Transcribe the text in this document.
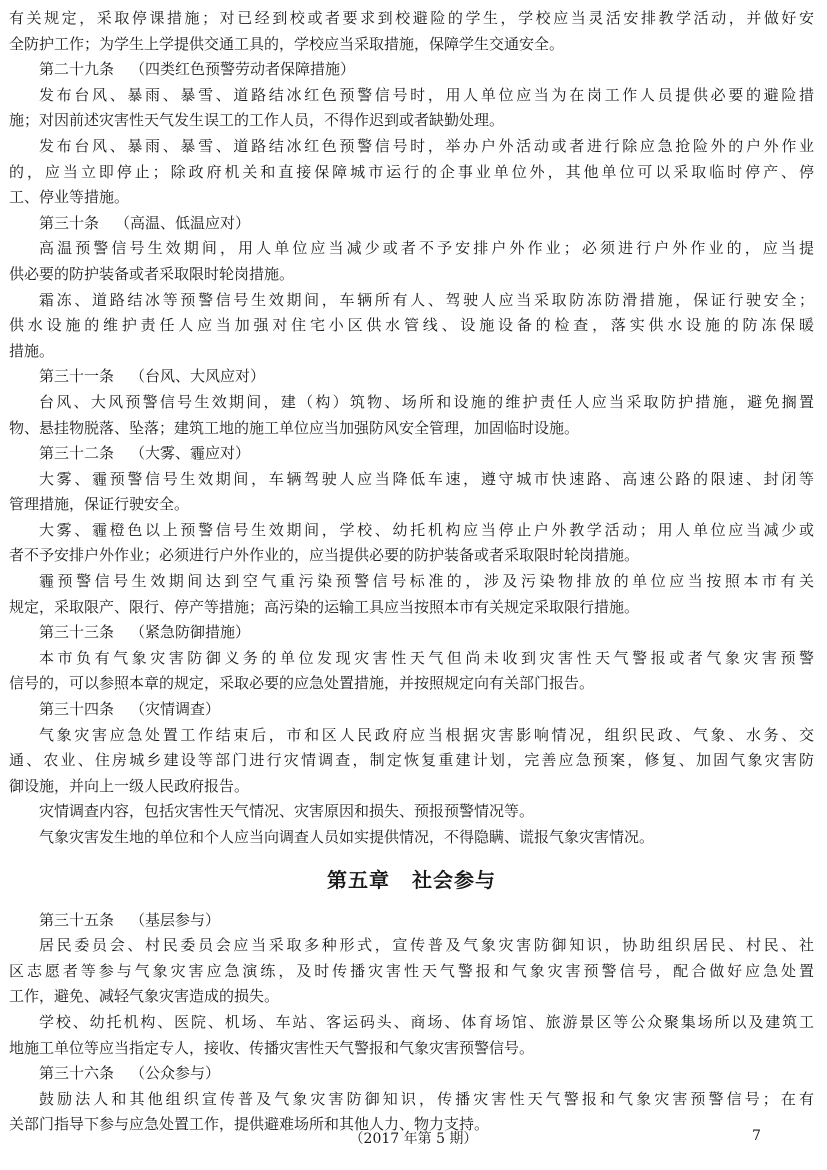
有关规定，采取停课措施；对已经到校或者要求到校避险的学生，学校应当灵活安排教学活动，并做好安
全防护工作；为学生上学提供交通工具的，学校应当采取措施，保障学生交通安全。
第二十九条 （四类红色预警劳动者保障措施）
发布台风、暴雨、暴雪、道路结冰红色预警信号时，用人单位应当为在岗工作人员提供必要的避险措
施；对因前述灾害性天气发生误工的工作人员，不得作迟到或者缺勤处理。
发布台风、暴雨、暴雪、道路结冰红色预警信号时，举办户外活动或者进行除应急抢险外的户外作业
的，应当立即停止；除政府机关和直接保障城市运行的企事业单位外，其他单位可以采取临时停产、停
工、停业等措施。
第三十条 （高温、低温应对）
高温预警信号生效期间，用人单位应当减少或者不予安排户外作业；必须进行户外作业的，应当提
供必要的防护装备或者采取限时轮岗措施。
霜冻、道路结冰等预警信号生效期间，车辆所有人、驾驶人应当采取防冻防滑措施，保证行驶安全；
供水设施的维护责任人应当加强对住宅小区供水管线、设施设备的检查，落实供水设施的防冻保暖
措施。
第三十一条 （台风、大风应对）
台风、大风预警信号生效期间，建（构）筑物、场所和设施的维护责任人应当采取防护措施，避免搁置
物、悬挂物脱落、坠落；建筑工地的施工单位应当加强防风安全管理，加固临时设施。
第三十二条 （大雾、霾应对）
大雾、霾预警信号生效期间，车辆驾驶人应当降低车速，遵守城市快速路、高速公路的限速、封闭等
管理措施，保证行驶安全。
大雾、霾橙色以上预警信号生效期间，学校、幼托机构应当停止户外教学活动；用人单位应当减少或
者不予安排户外作业；必须进行户外作业的，应当提供必要的防护装备或者采取限时轮岗措施。
霾预警信号生效期间达到空气重污染预警信号标准的，涉及污染物排放的单位应当按照本市有关
规定，采取限产、限行、停产等措施；高污染的运输工具应当按照本市有关规定采取限行措施。
第三十三条 （紧急防御措施）
本市负有气象灾害防御义务的单位发现灾害性天气但尚未收到灾害性天气警报或者气象灾害预警
信号的，可以参照本章的规定，采取必要的应急处置措施，并按照规定向有关部门报告。
第三十四条 （灾情调查）
气象灾害应急处置工作结束后，市和区人民政府应当根据灾害影响情况，组织民政、气象、水务、交
通、农业、住房城乡建设等部门进行灾情调查，制定恢复重建计划，完善应急预案，修复、加固气象灾害防
御设施，并向上一级人民政府报告。
灾情调查内容，包括灾害性天气情况、灾害原因和损失、预报预警情况等。
气象灾害发生地的单位和个人应当向调查人员如实提供情况，不得隐瞒、谎报气象灾害情况。
第五章 社会参与
第三十五条 （基层参与）
居民委员会、村民委员会应当采取多种形式，宣传普及气象灾害防御知识，协助组织居民、村民、社
区志愿者等参与气象灾害应急演练，及时传播灾害性天气警报和气象灾害预警信号，配合做好应急处置
工作，避免、减轻气象灾害造成的损失。
学校、幼托机构、医院、机场、车站、客运码头、商场、体育场馆、旅游景区等公众聚集场所以及建筑工
地施工单位等应当指定专人，接收、传播灾害性天气警报和气象灾害预警信号。
第三十六条 （公众参与）
鼓励法人和其他组织宣传普及气象灾害防御知识，传播灾害性天气警报和气象灾害预警信号；在有
关部门指导下参与应急处置工作，提供避难场所和其他人力、物力支持。
（2017 年第 5 期）	7
